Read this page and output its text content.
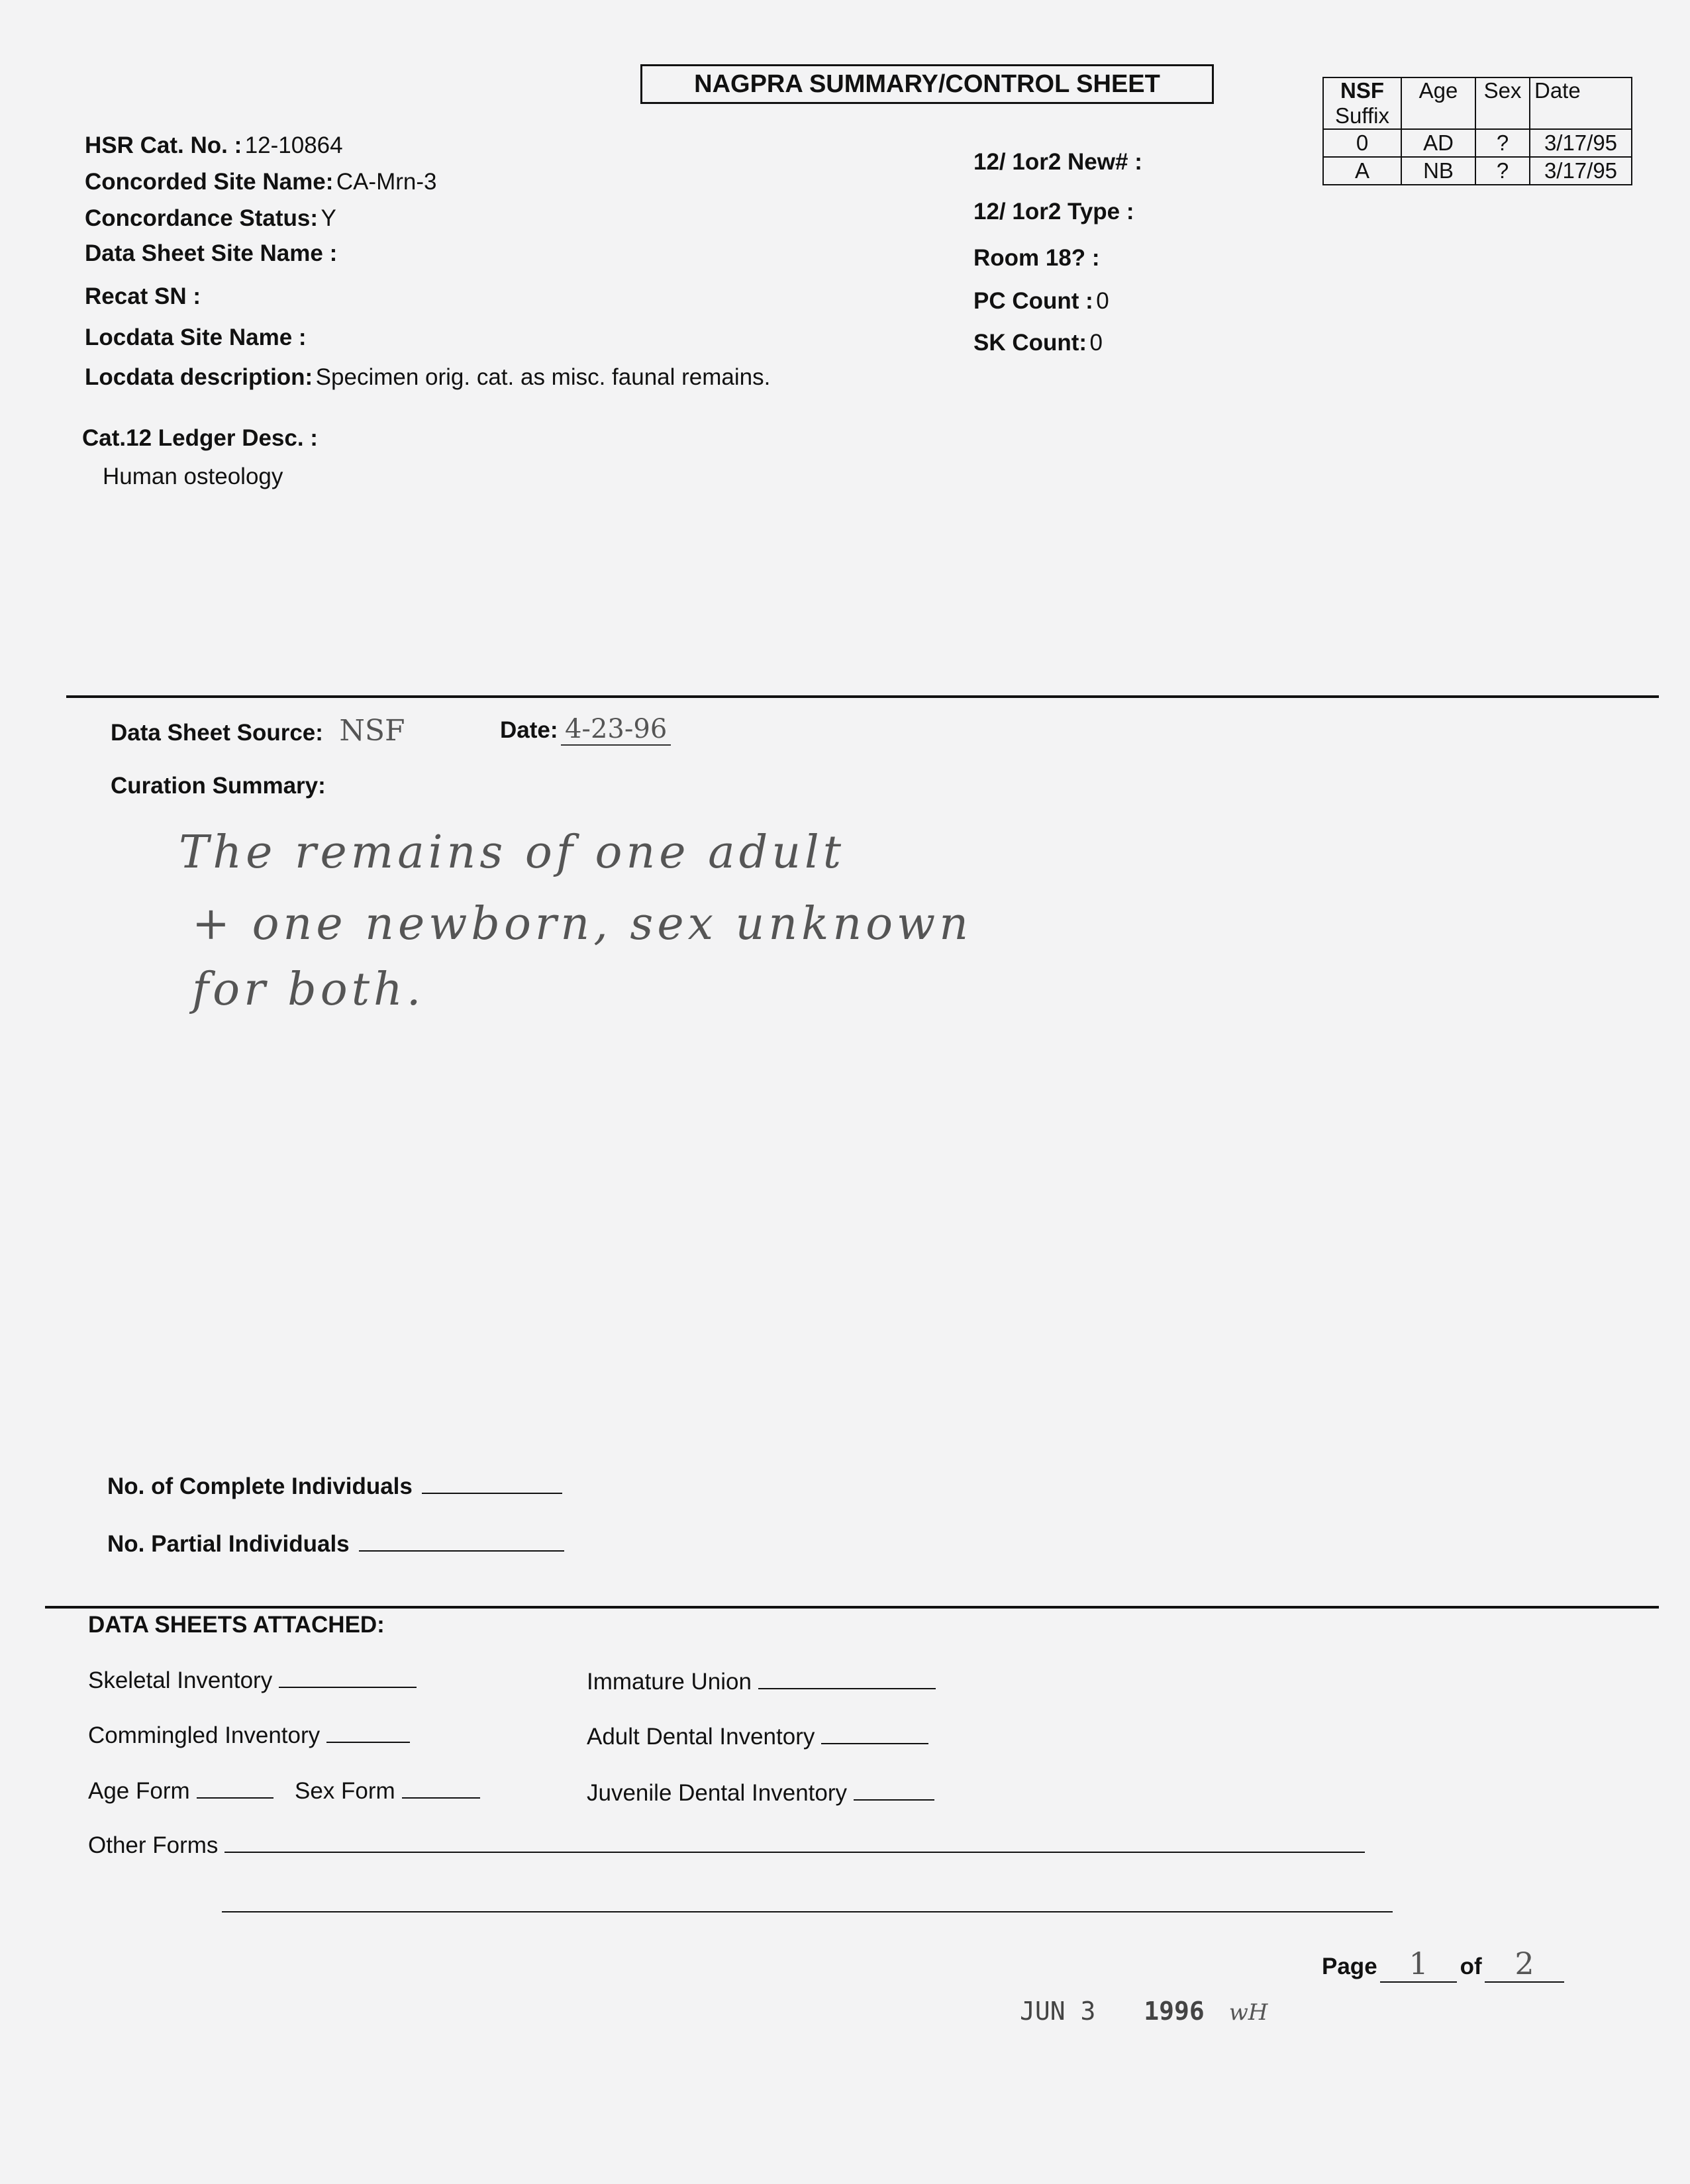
NAGPRA SUMMARY/CONTROL SHEET
HSR Cat. No. : 12-10864
Concorded Site Name: CA-Mrn-3
Concordance Status: Y
Data Sheet Site Name :
Recat SN :
Locdata Site Name :
Locdata description: Specimen orig. cat. as misc. faunal remains.
12/ 1or2 New# :
12/ 1or2 Type :
Room 18? :
PC Count : 0
SK Count: 0
NSF
Suffix	Age	Sex	Date
0	AD	?	3/17/95
A	NB	?	3/17/95
Cat.12 Ledger Desc. :
Human osteology
Data Sheet Source: NSF	Date: 4-23-96
Curation Summary:
The remains of one adult
+ one newborn, sex unknown
for both.
No. of Complete Individuals
No. Partial Individuals
DATA SHEETS ATTACHED:
Skeletal Inventory
Commingled Inventory
Age Form	Sex Form
Other Forms
Immature Union
Adult Dental Inventory
Juvenile Dental Inventory
Page 1 of 2
JUN 3 1996 wH
